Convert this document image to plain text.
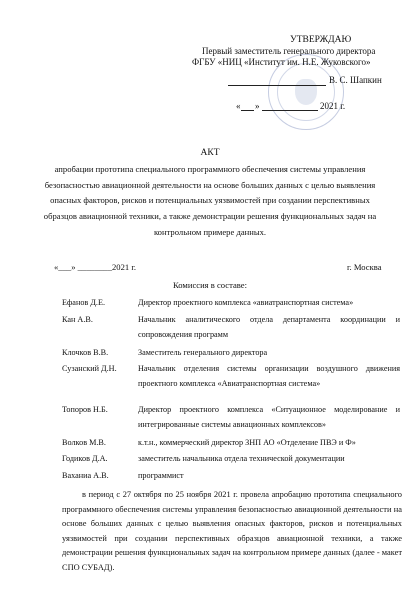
УТВЕРЖДАЮ
Первый заместитель генерального директора
ФГБУ «НИЦ «Институт им. Н.Е. Жуковского»
В. С. Шапкин
« »	2021 г.
АКТ
апробации прототипа специального программного обеспечения системы управления безопасностью авиационной деятельности на основе больших данных с целью выявления опасных факторов, рисков и потенциальных уязвимостей при создании перспективных образцов авиационной техники, а также демонстрации решения функциональных задач на контрольном примере данных.
«___» ________2021 г.	г. Москва
Комиссия в составе:
Ефанов Д.Е.	Директор проектного комплекса «авиатранспортная система»
Кан А.В.	Начальник аналитического отдела департамента координации и сопровождения программ
Клочков В.В.	Заместитель генерального директора
Сузанский Д.Н.	Начальник отделения системы организации воздушного движения проектного комплекса «Авиатранспортная система»
Топоров Н.Б.	Директор проектного комплекса «Ситуационное моделирование и интегрированные системы авиационных комплексов»
Волков М.В.	к.т.н., коммерческий директор ЗНП АО «Отделение ПВЭ и Ф»
Годиков Д.А.	заместитель начальника отдела технической документации
Ваханиа А.В.	программист
в период с 27 октября по 25 ноября 2021 г. провела апробацию прототипа специального программного обеспечения системы управления безопасностью авиационной деятельности на основе больших данных с целью выявления опасных факторов, рисков и потенциальных уязвимостей при создании перспективных образцов авиационной техники, а также демонстрации решения функциональных задач на контрольном примере данных (далее - макет СПО СУБАД).
